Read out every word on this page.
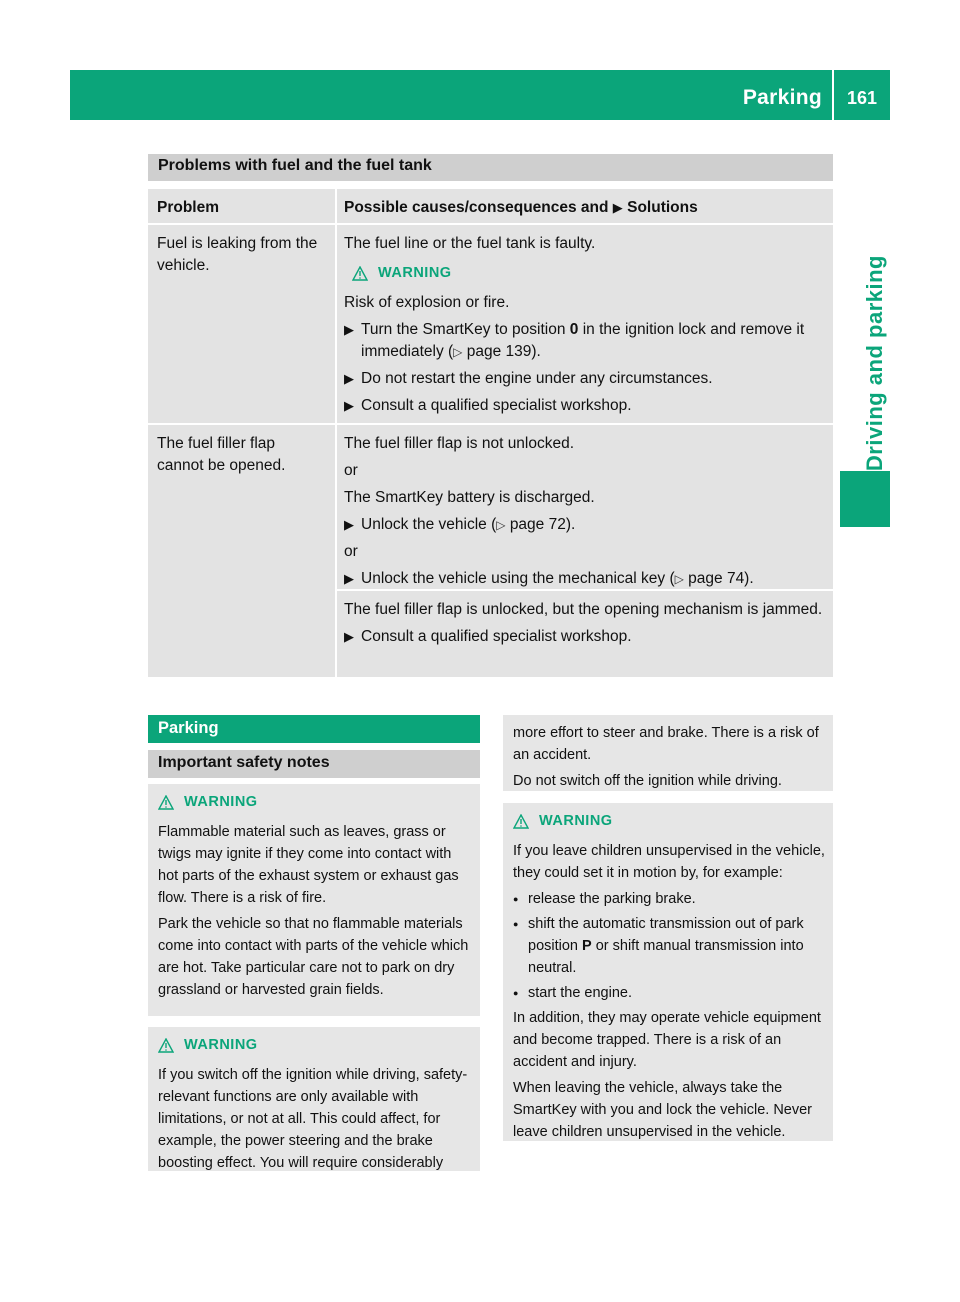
Parking	161
Driving and parking
Problems with fuel and the fuel tank
Problem	Possible causes/consequences and ▶ Solutions
Fuel is leaking from the vehicle.
The fuel line or the fuel tank is faulty.
WARNING
Risk of explosion or fire.
▶ Turn the SmartKey to position 0 in the ignition lock and remove it immediately (▷ page 139).
▶ Do not restart the engine under any circumstances.
▶ Consult a qualified specialist workshop.
The fuel filler flap cannot be opened.
The fuel filler flap is not unlocked.
or
The SmartKey battery is discharged.
▶ Unlock the vehicle (▷ page 72).
or
▶ Unlock the vehicle using the mechanical key (▷ page 74).
The fuel filler flap is unlocked, but the opening mechanism is jammed.
▶ Consult a qualified specialist workshop.
Parking
Important safety notes
WARNING
Flammable material such as leaves, grass or twigs may ignite if they come into contact with hot parts of the exhaust system or exhaust gas flow. There is a risk of fire.
Park the vehicle so that no flammable materials come into contact with parts of the vehicle which are hot. Take particular care not to park on dry grassland or harvested grain fields.
WARNING
If you switch off the ignition while driving, safety-relevant functions are only available with limitations, or not at all. This could affect, for example, the power steering and the brake boosting effect. You will require considerably
more effort to steer and brake. There is a risk of an accident.
Do not switch off the ignition while driving.
WARNING
If you leave children unsupervised in the vehicle, they could set it in motion by, for example:
● release the parking brake.
● shift the automatic transmission out of park position P or shift manual transmission into neutral.
● start the engine.
In addition, they may operate vehicle equipment and become trapped. There is a risk of an accident and injury.
When leaving the vehicle, always take the SmartKey with you and lock the vehicle. Never leave children unsupervised in the vehicle.
